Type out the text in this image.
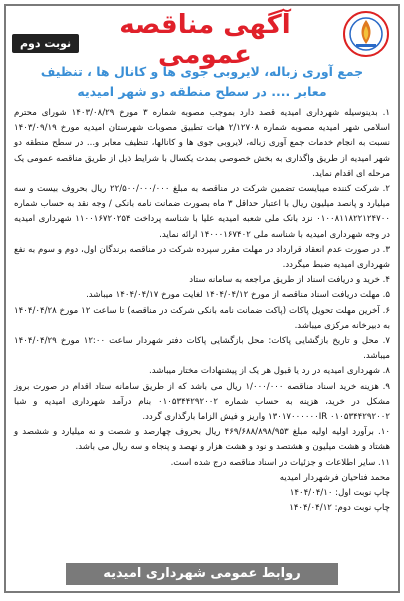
نوبت دوم
آگهی مناقصه عمومی
جمع آوری زباله، لایروبی جوی ها و کانال ها ، تنظیف معابر .... در سطح منطقه دو شهر امیدیه

۱. بدینوسیله شهرداری امیدیه قصد دارد بموجب مصوبه شماره ۳ مورخ ۱۴۰۳/۰۸/۲۹ شورای محترم اسلامی شهر امیدیه مصوبه شماره ۲/۱۲۷۰۸ هیات تطبیق مصوبات شهرستان امیدیه مورخ ۱۴۰۳/۰۹/۱۹ نسبت به انجام خدمات جمع آوری زباله، لایروبی جوی ها و کانالها، تنظیف معابر و... در سطح منطقه دو شهر امیدیه از طریق واگذاری به بخش خصوصی بمدت یکسال با شرایط ذیل از طریق مناقصه عمومی یک مرحله ای اقدام نماید.

۲. شرکت کننده میبایست تضمین شرکت در مناقصه به مبلغ ۲۲/۵۰۰/۰۰۰/۰۰۰ ریال بحروف بیست و سه میلیارد و پانصد میلیون ریال با اعتبار حداقل ۳ ماه بصورت ضمانت نامه بانکی / وجه نقد به حساب شماره ۰۱۰۰۸۱۱۸۲۲۱۲۴۷۰۰ نزد بانک ملی شعبه امیدیه علیا با شناسه پرداخت ۱۱۰۰۱۶۷۲۰۲۵۴ شهرداری امیدیه در وجه شهرداری امیدیه با شناسه ملی ۱۴۰۰۰۱۶۷۴۰۲ ارائه نماید.

۳. در صورت عدم انعقاد قرارداد در مهلت مقرر سپرده شرکت در مناقصه برندگان اول، دوم و سوم به نفع شهرداری امیدیه ضبط میگردد.

۴. خرید و دریافت اسناد از طریق مراجعه به سامانه ستاد

۵. مهلت دریافت اسناد مناقصه از مورخ ۱۴۰۴/۰۴/۱۲ لغایت مورخ ۱۴۰۴/۰۴/۱۷ میباشد.

۶. آخرین مهلت تحویل پاکات (پاکت ضمانت نامه بانکی شرکت در مناقصه) تا ساعت ۱۲ مورخ ۱۴۰۴/۰۴/۲۸ به دبیرخانه مرکزی میباشد.

۷. محل و تاریخ بازگشایی پاکات: محل بازگشایی پاکات دفتر شهردار ساعت ۱۲:۰۰ مورخ ۱۴۰۴/۰۴/۲۹ میباشد.

۸. شهرداری امیدیه در رد یا قبول هر یک از پیشنهادات مختار میباشد.

۹. هزینه خرید اسناد مناقصه ۱/۰۰۰/۰۰۰ ریال می باشد که از طریق سامانه ستاد اقدام در صورت بروز مشکل در خرید، هزینه به حساب شماره ۰۱۰۵۳۴۴۲۹۲۰۰۲ بنام درآمد شهرداری امیدیه و شبا ۰۱۰۵۳۴۴۲۹۲۰۰۲ ۱۳۰۱۷۰۰۰۰۰۰IR واریز و فیش الزاما بارگذاری گردد.

۱۰. برآورد اولیه اولیه مبلغ ۴۶۹/۶۸۸/۸۹۸/۹۵۳ ریال بحروف چهارصد و شصت و نه میلیارد و ششصد و هشتاد و هشت میلیون و هشتصد و نود و هشت هزار و نهصد و پنجاه و سه ریال می باشد.

۱۱. سایر اطلاعات و جزئیات در اسناد مناقصه درج شده است.

محمد فتاحیان فرشهردار امیدیه
چاپ نوبت اول: ۱۴۰۴/۰۴/۱۰
چاپ نوبت دوم: ۱۴۰۴/۰۴/۱۲
روابط عمومی شهرداری امیدیه
